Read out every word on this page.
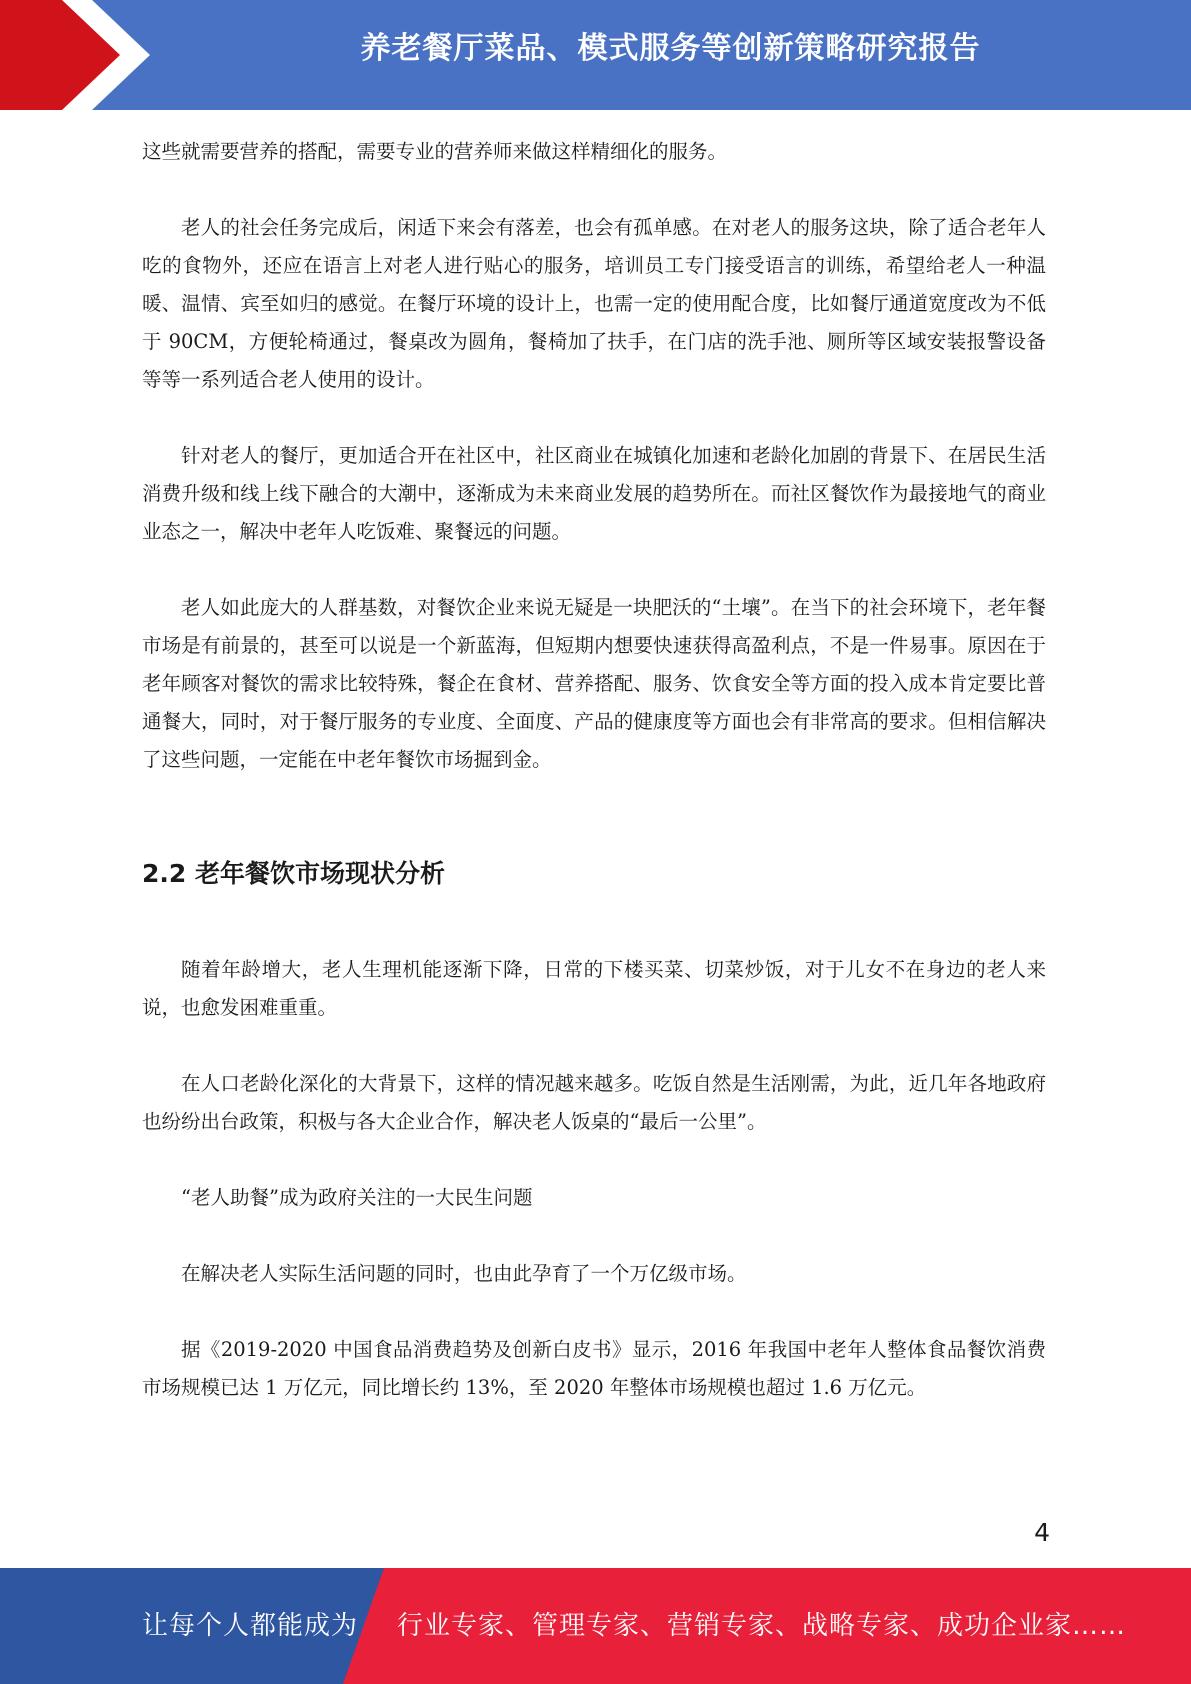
养老餐厅菜品、模式服务等创新策略研究报告

这些就需要营养的搭配，需要专业的营养师来做这样精细化的服务。

老人的社会任务完成后，闲适下来会有落差，也会有孤单感。在对老人的服务这块，除了适合老年人吃的食物外，还应在语言上对老人进行贴心的服务，培训员工专门接受语言的训练，希望给老人一种温暖、温情、宾至如归的感觉。在餐厅环境的设计上，也需一定的使用配合度，比如餐厅通道宽度改为不低于 90CM，方便轮椅通过，餐桌改为圆角，餐椅加了扶手，在门店的洗手池、厕所等区域安装报警设备等等一系列适合老人使用的设计。

针对老人的餐厅，更加适合开在社区中，社区商业在城镇化加速和老龄化加剧的背景下、在居民生活消费升级和线上线下融合的大潮中，逐渐成为未来商业发展的趋势所在。而社区餐饮作为最接地气的商业业态之一，解决中老年人吃饭难、聚餐远的问题。

老人如此庞大的人群基数，对餐饮企业来说无疑是一块肥沃的“土壤”。在当下的社会环境下，老年餐市场是有前景的，甚至可以说是一个新蓝海，但短期内想要快速获得高盈利点，不是一件易事。原因在于老年顾客对餐饮的需求比较特殊，餐企在食材、营养搭配、服务、饮食安全等方面的投入成本肯定要比普通餐大，同时，对于餐厅服务的专业度、全面度、产品的健康度等方面也会有非常高的要求。但相信解决了这些问题，一定能在中老年餐饮市场掘到金。

2.2 老年餐饮市场现状分析

随着年龄增大，老人生理机能逐渐下降，日常的下楼买菜、切菜炒饭，对于儿女不在身边的老人来说，也愈发困难重重。

在人口老龄化深化的大背景下，这样的情况越来越多。吃饭自然是生活刚需，为此，近几年各地政府也纷纷出台政策，积极与各大企业合作，解决老人饭桌的“最后一公里”。

“老人助餐”成为政府关注的一大民生问题

在解决老人实际生活问题的同时，也由此孕育了一个万亿级市场。

据《2019-2020 中国食品消费趋势及创新白皮书》显示，2016 年我国中老年人整体食品餐饮消费市场规模已达 1 万亿元，同比增长约 13%，至 2020 年整体市场规模也超过 1.6 万亿元。

4
让每个人都能成为 行业专家、管理专家、营销专家、战略专家、成功企业家……
